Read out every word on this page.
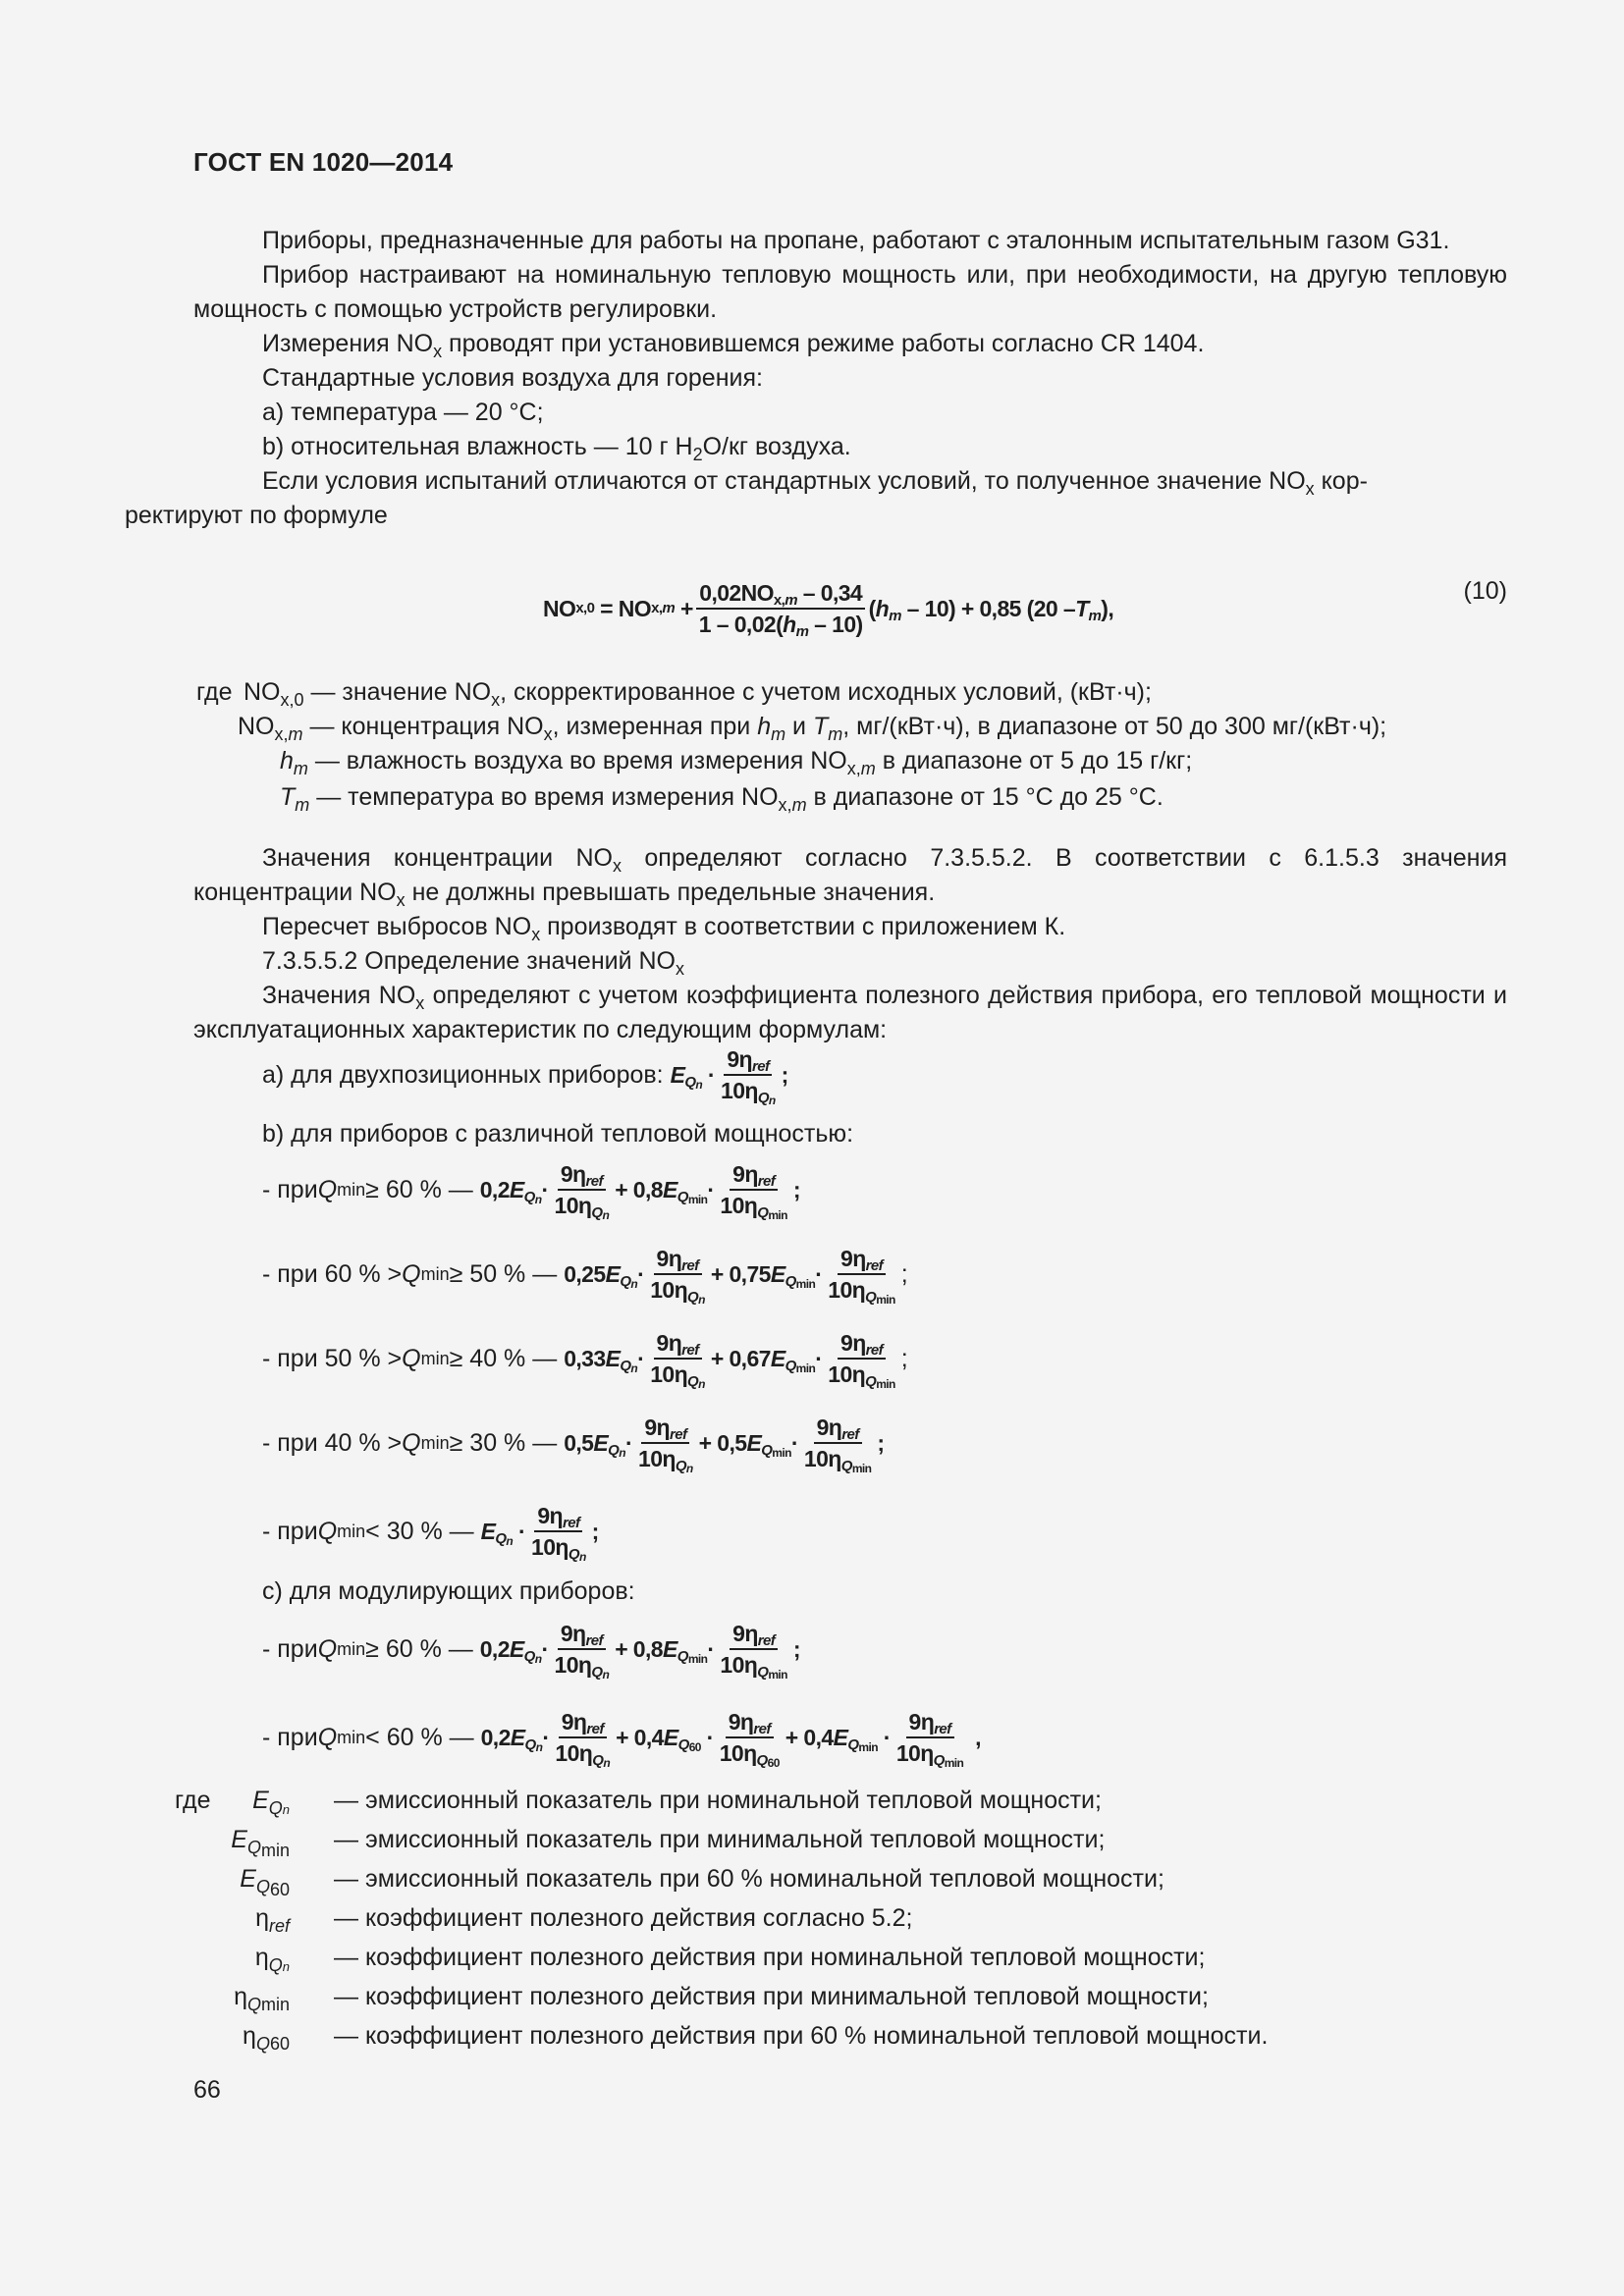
ГОСТ EN 1020—2014

Приборы, предназначенные для работы на пропане, работают с эталонным испытательным газом G31.

Прибор настраивают на номинальную тепловую мощность или, при необходимости, на другую тепловую мощность с помощью устройств регулировки.

Измерения $NO_x$ проводят при установившемся режиме работы согласно CR 1404.

Стандартные условия воздуха для горения:

a) температура — 20 °С;

b) относительная влажность — 10 г $H_2O/кг$ воздуха.

Если условия испытаний отличаются от стандартных условий, то полученное значение $NO_x$ кор-
ректируют по формуле

NO x,0 = NO $x,m + \frac{\text{0,02NOx,m – 0,34}}{1 - 0,02(hm - 10)}$ ( hm – 10) + 0,85 (20 – Tm ),
(10)
где $NO_{x,0}$ — значение $NO_x$, скорректированное с учетом исходных условий, (кВт·ч);
$NO_{x,m}$ — концентрация $NO_x$, измеренная при $h_m$ и $T_m$, мг/(кВт·ч), в диапазоне от 50 до 300 мг/(кВт·ч);
$h_m$ — влажность воздуха во время измерения $NO_{x,m}$ в диапазоне от 5 до 15 г/кг;
$T_m$ — температура во время измерения $NO_{x,m}$ в диапазоне от 15 °С до 25 °С.

Значения концентрации $NO_x$ определяют согласно 7.3.5.5.2. В соответствии с 6.1.5.3 значения концентрации $NO_x$ не должны превышать предельные значения.

Пересчет выбросов $NO_x$ производят в соответствии с приложением К.

7.3.5.5.2 Определение значений $NO_x$

Значения $NO_x$ определяют с учетом коэффициента полезного действия прибора, его тепловой мощности и эксплуатационных характеристик по следующим формулам:

a) для двухпозиционных приборов:
EQn · $\frac{\text{9ηref}}{\text{10ηQn}}$ ;
b) для приборов с различной тепловой мощностью:
- при Q min ≥ 60 % —
$0,2EQn\cdot \frac{\text{9ηref}}{\text{10ηQn}} + 0,8EQmin\cdot \frac{\text{9ηref}}{10\eta Qmin}$ ;
- при 60 % > Q min ≥ 50 % —
$0,25EQn\cdot \frac{\text{9ηref}}{\text{10ηQn}} + 0,75EQmin\cdot \frac{\text{9ηref}}{10\eta Qmin}$ ;
- при 50 % > Q min ≥ 40 % —
$0,33EQn\cdot \frac{\text{9ηref}}{\text{10ηQn}} + 0,67EQmin\cdot \frac{\text{9ηref}}{10\eta Qmin}$ ;
- при 40 % > Q min ≥ 30 % —
$0,5EQn\cdot \frac{\text{9ηref}}{\text{10ηQn}} + 0,5EQmin\cdot \frac{\text{9ηref}}{10\eta Qmin}$ ;
- при Q min < 30 % —
EQn · $\frac{\text{9ηref}}{\text{10ηQn}}$ ;
c) для модулирующих приборов:
- при Q min ≥ 60 % —
$0,2EQn\cdot \frac{\text{9ηref}}{\text{10ηQn}} + 0,8EQmin\cdot \frac{\text{9ηref}}{10\eta Qmin}$ ;
- при Q min < 60 % —
$0,2EQn\cdot \frac{\text{9ηref}}{\text{10ηQn}} + 0,4EQ60 \cdot \frac{\text{9ηref}}{10\eta Q60} + 0,4EQmin \cdot \frac{\text{9ηref}}{10\eta Qmin}$ ,
где	$E_{Qn}$ — эмиссионный показатель при номинальной тепловой мощности;
$E_{Qmin}$ — эмиссионный показатель при минимальной тепловой мощности;
$E_{Q60}$ — эмиссионный показатель при 60 % номинальной тепловой мощности;
$\eta_{ref}$ — коэффициент полезного действия согласно 5.2;
$\eta_{Qn}$ — коэффициент полезного действия при номинальной тепловой мощности;
$\eta_{Qmin}$ — коэффициент полезного действия при минимальной тепловой мощности;
$\eta_{Q60}$ — коэффициент полезного действия при 60 % номинальной тепловой мощности.
66
